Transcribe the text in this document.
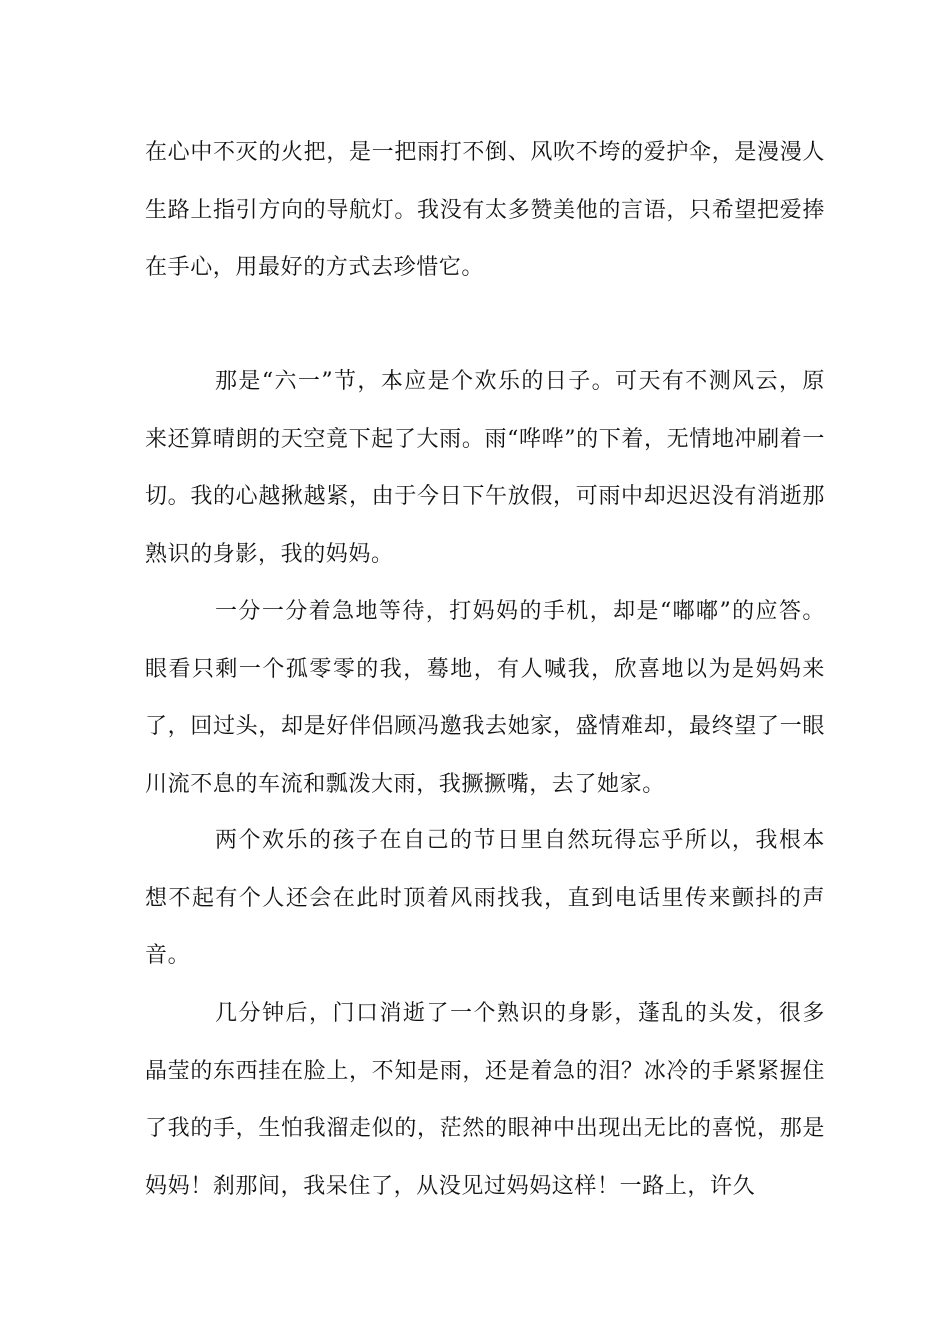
在心中不灭的火把，是一把雨打不倒、风吹不垮的爱护伞，是漫漫人生路上指引方向的导航灯。我没有太多赞美他的言语，只希望把爱捧在手心，用最好的方式去珍惜它。

那是“六一”节，本应是个欢乐的日子。可天有不测风云，原来还算晴朗的天空竟下起了大雨。雨“哗哗”的下着，无情地冲刷着一切。我的心越揪越紧，由于今日下午放假，可雨中却迟迟没有消逝那熟识的身影，我的妈妈。

一分一分着急地等待，打妈妈的手机，却是“嘟嘟”的应答。眼看只剩一个孤零零的我，蓦地，有人喊我，欣喜地以为是妈妈来了，回过头，却是好伴侣顾冯邀我去她家，盛情难却，最终望了一眼川流不息的车流和瓢泼大雨，我撅撅嘴，去了她家。

两个欢乐的孩子在自己的节日里自然玩得忘乎所以，我根本想不起有个人还会在此时顶着风雨找我，直到电话里传来颤抖的声音。

几分钟后，门口消逝了一个熟识的身影，蓬乱的头发，很多晶莹的东西挂在脸上，不知是雨，还是着急的泪？冰冷的手紧紧握住了我的手，生怕我溜走似的，茫然的眼神中出现出无比的喜悦，那是妈妈！刹那间，我呆住了，从没见过妈妈这样！一路上，许久
